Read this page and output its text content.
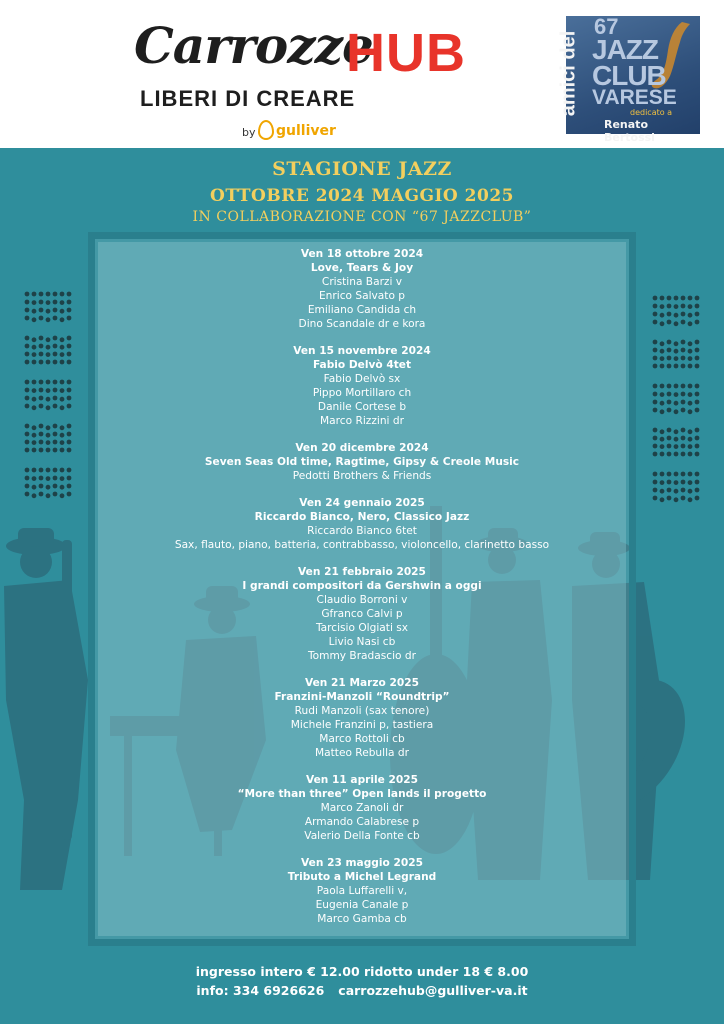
Carrozze
HUB
LIBERI DI CREARE
by gulliver
amici del
67
JAZZ
CLUB
VARESE
dedicato a
Renato Bertossi
STAGIONE JAZZ
OTTOBRE 2024 MAGGIO 2025
IN COLLABORAZIONE CON “67 JAZZCLUB”
Ven 18 ottobre 2024
Love, Tears & Joy
Cristina Barzi v
Enrico Salvato p
Emiliano Candida ch
Dino Scandale dr e kora
Ven 15 novembre 2024
Fabio Delvò 4tet
Fabio Delvò sx
Pippo Mortillaro ch
Danile Cortese b
Marco Rizzini dr
Ven 20 dicembre 2024
Seven Seas Old time, Ragtime, Gipsy & Creole Music
Pedotti Brothers & Friends
Ven 24 gennaio 2025
Riccardo Bianco, Nero, Classico Jazz
Riccardo Bianco 6tet
Sax, flauto, piano, batteria, contrabbasso, violoncello, clarinetto basso
Ven 21 febbraio 2025
I grandi compositori da Gershwin a oggi
Claudio Borroni v
Gfranco Calvi p
Tarcisio Olgiati sx
Livio Nasi cb
Tommy Bradascio dr
Ven 21 Marzo 2025
Franzini-Manzoli “Roundtrip”
Rudi Manzoli (sax tenore)
Michele Franzini p, tastiera
Marco Rottoli cb
Matteo Rebulla dr
Ven 11 aprile 2025
“More than three” Open lands il progetto
Marco Zanoli dr
Armando Calabrese p
Valerio Della Fonte cb
Ven 23 maggio 2025
Tributo a Michel Legrand
Paola Luffarelli v,
Eugenia Canale p
Marco Gamba cb
ingresso intero € 12.00 ridotto under 18 € 8.00
info: 334 6926626 carrozzehub@gulliver-va.it
